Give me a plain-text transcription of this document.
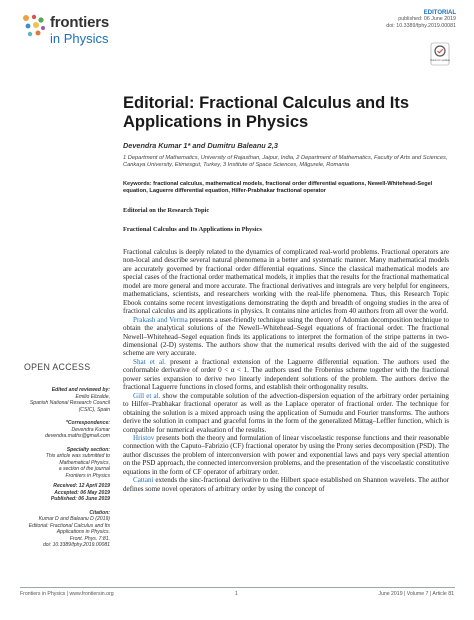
frontiers
in Physics
EDITORIAL
published: 06 June 2019
doi: 10.3389/fphy.2019.00081
Check for updates
Editorial: Fractional Calculus and Its Applications in Physics
Devendra Kumar 1* and Dumitru Baleanu 2,3
1 Department of Mathematics, University of Rajasthan, Jaipur, India, 2 Department of Mathematics, Faculty of Arts and Sciences, Cankaya University, Etimesgut, Turkey, 3 Institute of Space Sciences, Măgurele, Romania
Keywords: fractional calculus, mathematical models, fractional order differential equations, Newell-Whitehead-Segel equation, Laguerre differential equation, Hilfer-Prabhakar fractional operator
Editorial on the Research Topic
Fractional Calculus and Its Applications in Physics

Fractional calculus is deeply related to the dynamics of complicated real-world problems. Fractional operators are non-local and describe several natural phenomena in a better and systematic manner. Many mathematical models are accurately governed by fractional order differential equations. Since the classical mathematical models are special cases of the fractional order mathematical models, it implies that the results for the fractional mathematical model are more general and more accurate. The fractional derivatives and integrals are very helpful for engineers, mathematicians, scientists, and researchers working with the real-life phenomena. Thus, this Research Topic Ebook contains some recent investigations demonstrating the depth and breadth of ongoing studies in the area of fractional calculus and its applications in physics. It contains nine articles from 40 authors from all over the world.

Prakash and Verma presents a user-friendly technique using the theory of Adomian decomposition technique to obtain the analytical solutions of the Newell–Whitehead–Segel equations of fractional order. The fractional Newell–Whitehead–Segel equation finds its applications to interpret the formation of the stripe patterns in two-dimensional (2-D) systems. The authors show that the numerical results derived with the aid of the suggested scheme are very accurate.

Shat et al. present a fractional extension of the Laguerre differential equation. The authors used the conformable derivative of order 0 < α < 1. The authors used the Frobenius scheme together with the fractional power series expansion to derive two linearly independent solutions of the problem. The authors derive the fractional Laguerre functions in closed forms, and establish their orthogonality results.

Gill et al. show the computable solution of the advection-dispersion equation of the arbitrary order pertaining to Hilfer–Prabhakar fractional operator as well as the Laplace operator of fractional order. The technique for obtaining the solution is a mixed approach using the application of Sumudu and Fourier transforms. The authors derive the solution in compact and graceful forms in the form of the generalized Mittag–Leffler function, which is compatible for numerical evaluation of the results.

Hristov presents both the theory and formulation of linear viscoelastic response functions and their reasonable connection with the Caputo–Fabrizio (CF) fractional operator by using the Prony series decomposition (PSD). The author discusses the problem of interconversion with power and exponential laws and pays very special attention on the PSD approach, the connected interconversion problems, and the presentation of the viscoelastic constitutive equations in the form of CF operator of arbitrary order.

Cattani extends the sinc-fractional derivative to the Hilbert space established on Shannon wavelets. The author defines some novel operators of arbitrary order by using the concept of

OPEN ACCESS
Edited and reviewed by:
Emilio Elizalde,
Spanish National Research Council
(CSIC), Spain
*Correspondence:
Devendra Kumar
devendra.maths@gmail.com
Specialty section:
This article was submitted to
Mathematical Physics,
a section of the journal
Frontiers in Physics
Received: 12 April 2019
Accepted: 06 May 2019
Published: 06 June 2019
Citation:
Kumar D and Baleanu D (2019)
Editorial: Fractional Calculus and Its
Applications in Physics.
Front. Phys. 7:81.
doi: 10.3389/fphy.2019.00081
Frontiers in Physics | www.frontiersin.org	1	June 2019 | Volume 7 | Article 81
